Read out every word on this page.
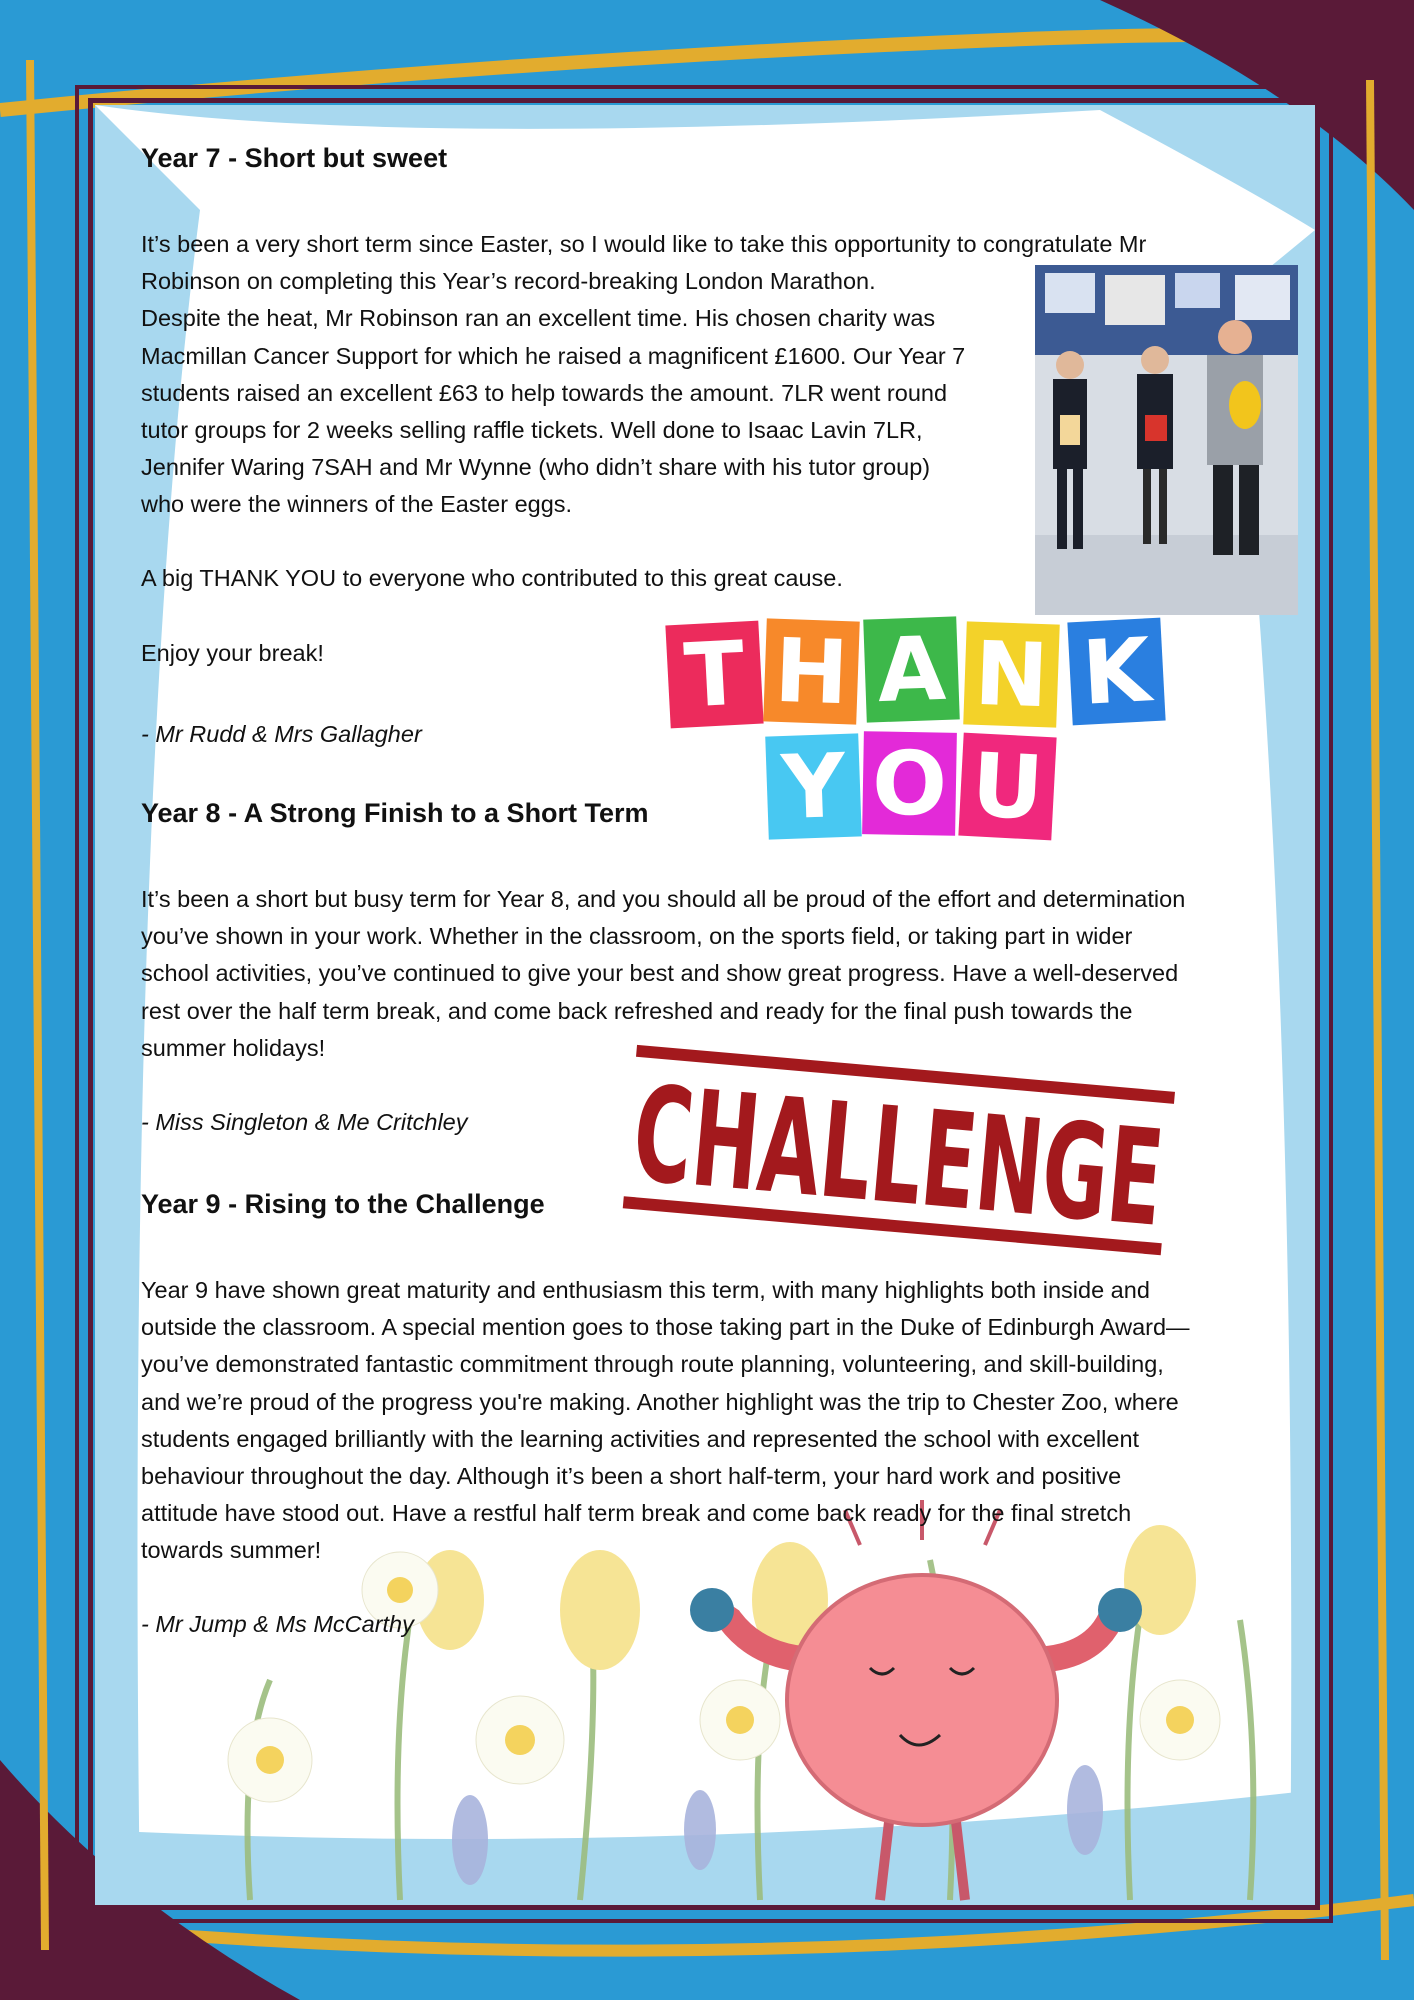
Year 7 - Short but sweet
It’s been a very short term since Easter, so I would like to take this opportunity to congratulate Mr
Robinson on completing this Year’s record-breaking London Marathon.
Despite the heat, Mr Robinson ran an excellent time. His chosen charity was
Macmillan Cancer Support for which he raised a magnificent £1600. Our Year 7
students raised an excellent £63 to help towards the amount. 7LR went round
tutor groups for 2 weeks selling raffle tickets. Well done to Isaac Lavin 7LR,
Jennifer Waring 7SAH and Mr Wynne (who didn’t share with his tutor group)
who were the winners of the Easter eggs.

A big THANK YOU to everyone who contributed to this great cause.

Enjoy your break!

- Mr Rudd & Mrs Gallagher

T H A N K
Y O U
Year 8 - A Strong Finish to a Short Term
It’s been a short but busy term for Year 8, and you should all be proud of the effort and determination
you’ve shown in your work. Whether in the classroom, on the sports field, or taking part in wider
school activities, you’ve continued to give your best and show great progress. Have a well-deserved
rest over the half term break, and come back refreshed and ready for the final push towards the
summer holidays!

- Miss Singleton & Me Critchley CHALLENGE
Year 9 - Rising to the Challenge
Year 9 have shown great maturity and enthusiasm this term, with many highlights both inside and
outside the classroom. A special mention goes to those taking part in the Duke of Edinburgh Award—
you’ve demonstrated fantastic commitment through route planning, volunteering, and skill-building,
and we’re proud of the progress you're making. Another highlight was the trip to Chester Zoo, where
students engaged brilliantly with the learning activities and represented the school with excellent
behaviour throughout the day. Although it’s been a short half-term, your hard work and positive
attitude have stood out. Have a restful half term break and come back ready for the final stretch
towards summer!

- Mr Jump & Ms McCarthy
